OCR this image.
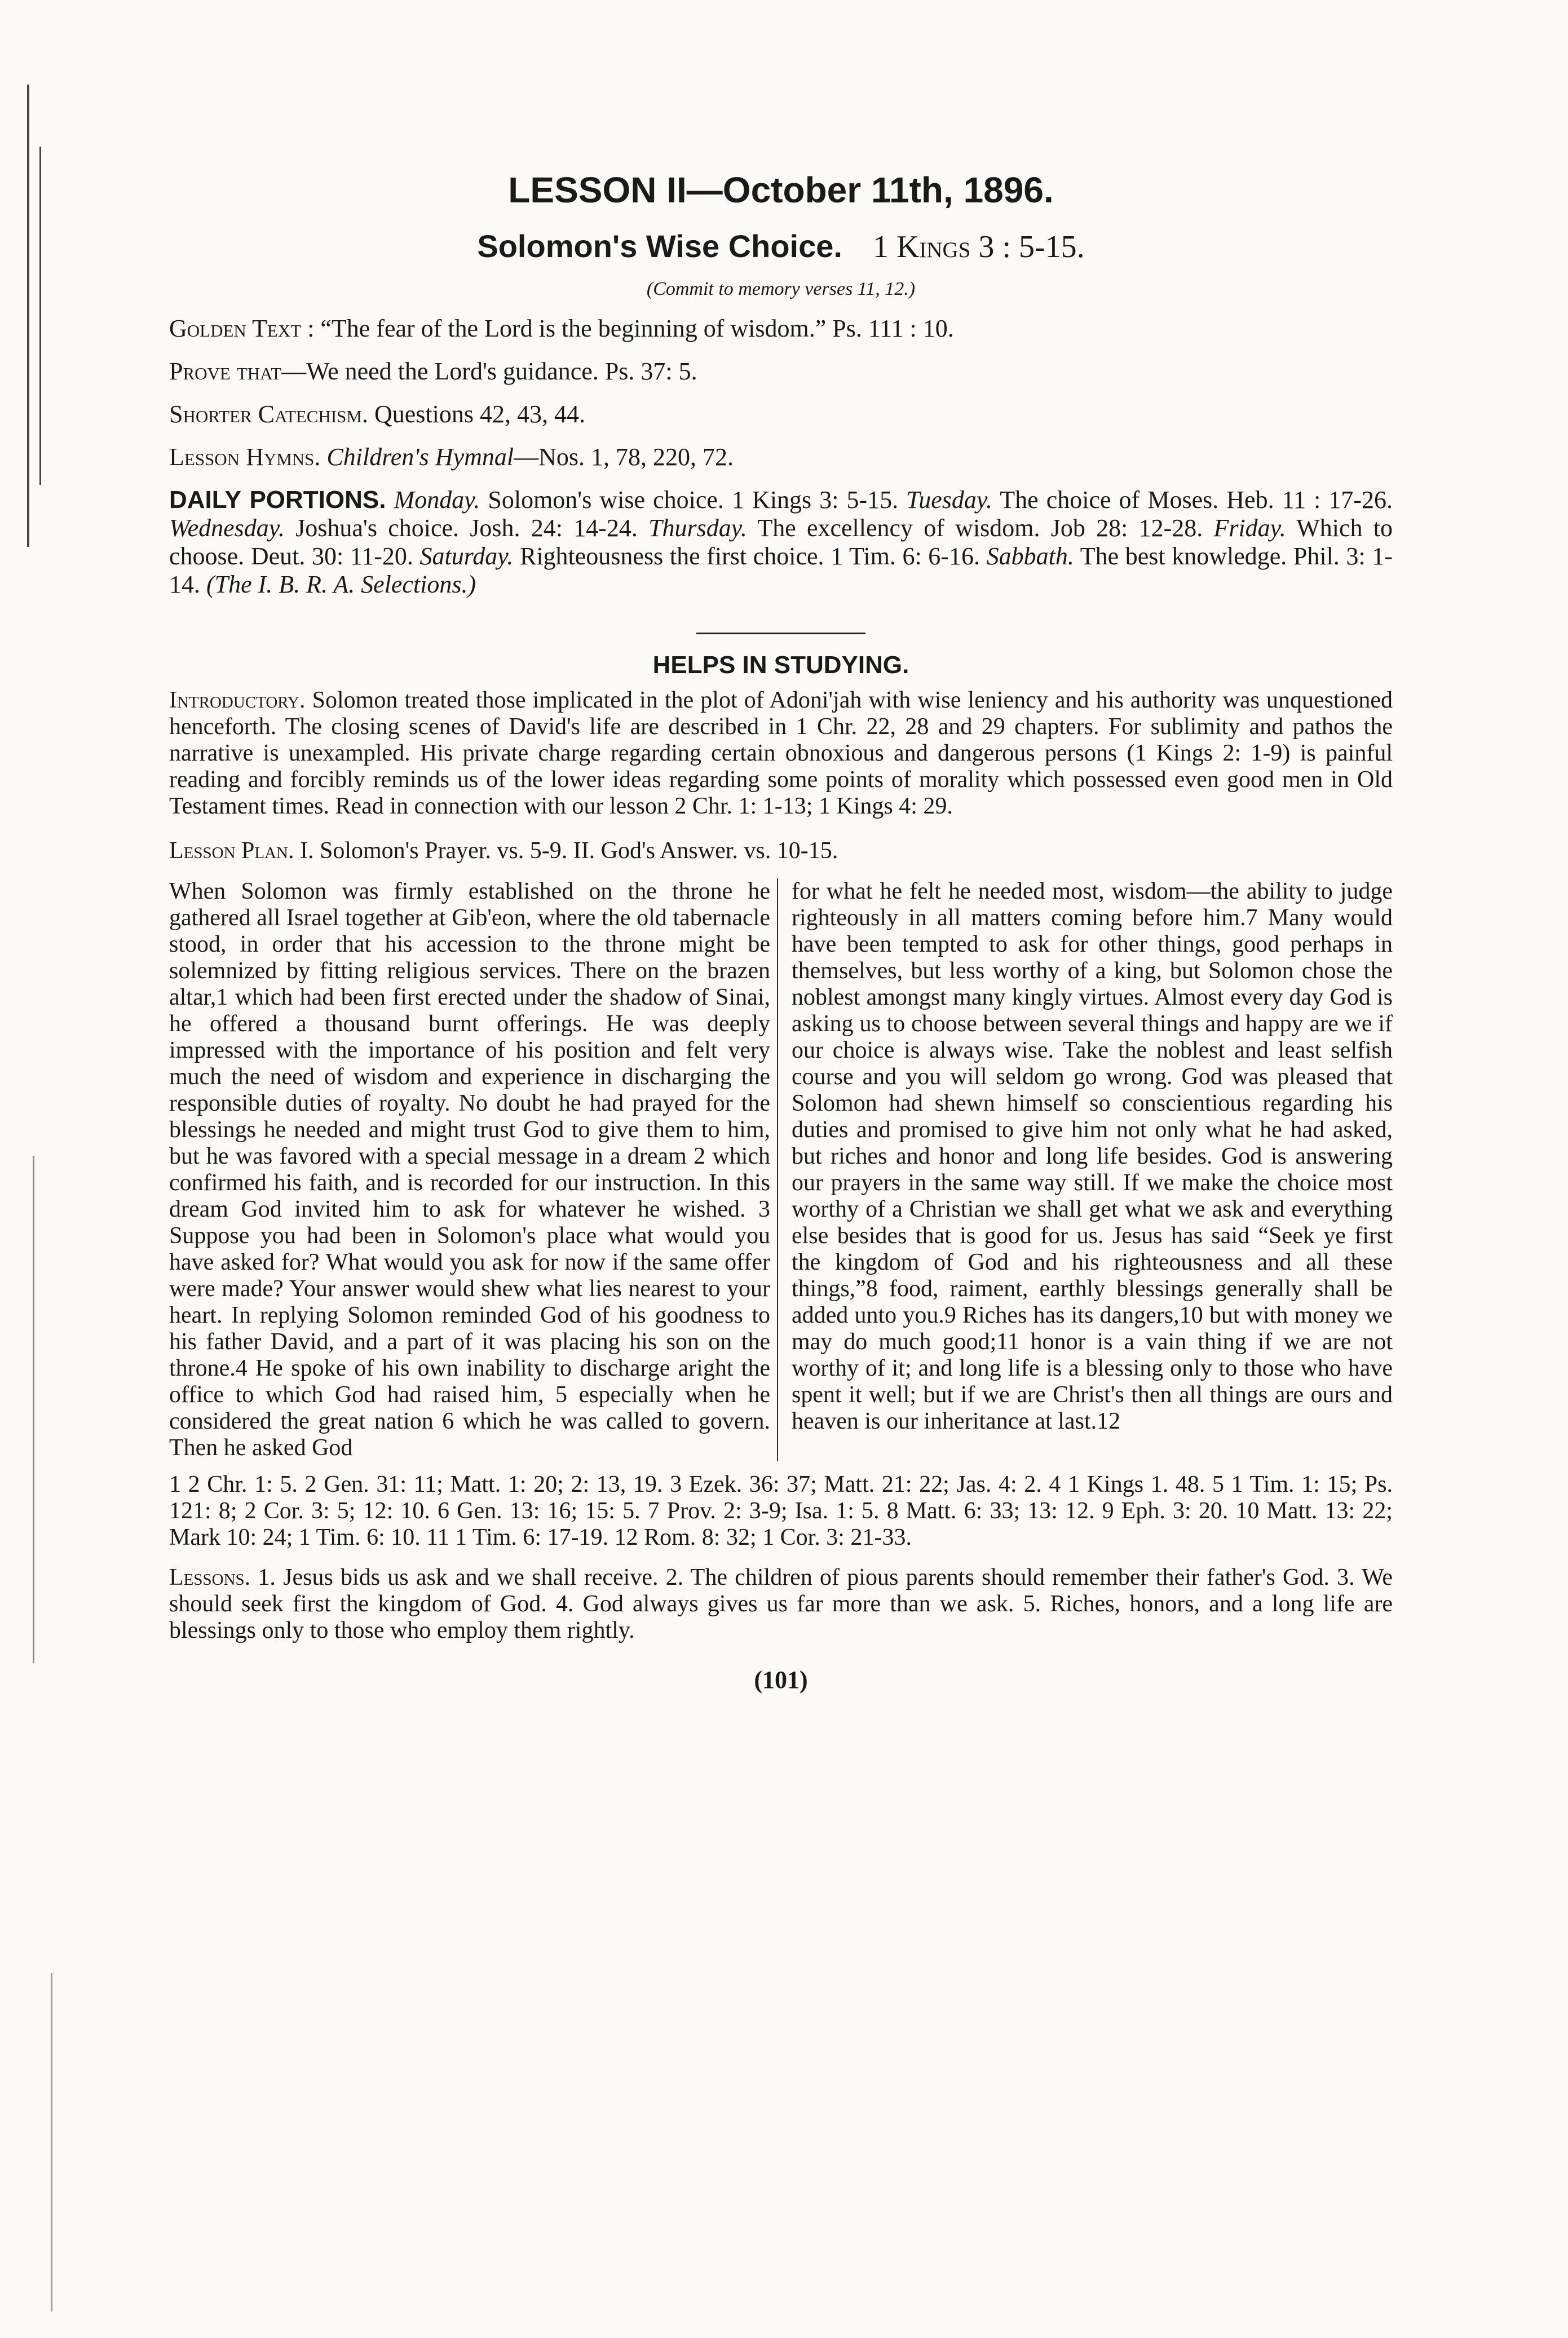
LESSON II—October 11th, 1896.

Solomon's Wise Choice. 1 Kings 3 : 5-15.

(Commit to memory verses 11, 12.)

Golden Text : “The fear of the Lord is the beginning of wisdom.” Ps. 111 : 10.

Prove that—We need the Lord's guidance. Ps. 37: 5.

Shorter Catechism. Questions 42, 43, 44.

Lesson Hymns. Children's Hymnal—Nos. 1, 78, 220, 72.

DAILY PORTIONS. Monday. Solomon's wise choice. 1 Kings 3: 5-15. Tuesday. The choice of Moses. Heb. 11 : 17-26. Wednesday. Joshua's choice. Josh. 24: 14-24. Thursday. The excellency of wisdom. Job 28: 12-28. Friday. Which to choose. Deut. 30: 11-20. Saturday. Righteousness the first choice. 1 Tim. 6: 6-16. Sabbath. The best knowledge. Phil. 3: 1-14. (The I. B. R. A. Selections.)

HELPS IN STUDYING.

Introductory. Solomon treated those implicated in the plot of Adoni'jah with wise leniency and his authority was unquestioned henceforth. The closing scenes of David's life are described in 1 Chr. 22, 28 and 29 chapters. For sublimity and pathos the narrative is unexampled. His private charge regarding certain obnoxious and dangerous persons (1 Kings 2: 1-9) is painful reading and forcibly reminds us of the lower ideas regarding some points of morality which possessed even good men in Old Testament times. Read in connection with our lesson 2 Chr. 1: 1-13; 1 Kings 4: 29.

Lesson Plan. I. Solomon's Prayer. vs. 5-9. II. God's Answer. vs. 10-15.

When Solomon was firmly established on the throne he gathered all Israel together at Gib'eon, where the old tabernacle stood, in order that his accession to the throne might be solemnized by fitting religious services. There on the brazen altar,1 which had been first erected under the shadow of Sinai, he offered a thousand burnt offerings. He was deeply impressed with the importance of his position and felt very much the need of wisdom and experience in discharging the responsible duties of royalty. No doubt he had prayed for the blessings he needed and might trust God to give them to him, but he was favored with a special message in a dream 2 which confirmed his faith, and is recorded for our instruction. In this dream God invited him to ask for whatever he wished. 3 Suppose you had been in Solomon's place what would you have asked for? What would you ask for now if the same offer were made? Your answer would shew what lies nearest to your heart. In replying Solomon reminded God of his goodness to his father David, and a part of it was placing his son on the throne.4 He spoke of his own inability to discharge aright the office to which God had raised him, 5 especially when he considered the great nation 6 which he was called to govern. Then he asked God
for what he felt he needed most, wisdom—the ability to judge righteously in all matters coming before him.7 Many would have been tempted to ask for other things, good perhaps in themselves, but less worthy of a king, but Solomon chose the noblest amongst many kingly virtues. Almost every day God is asking us to choose between several things and happy are we if our choice is always wise. Take the noblest and least selfish course and you will seldom go wrong. God was pleased that Solomon had shewn himself so conscientious regarding his duties and promised to give him not only what he had asked, but riches and honor and long life besides. God is answering our prayers in the same way still. If we make the choice most worthy of a Christian we shall get what we ask and everything else besides that is good for us. Jesus has said “Seek ye first the kingdom of God and his righteousness and all these things,”8 food, raiment, earthly blessings generally shall be added unto you.9 Riches has its dangers,10 but with money we may do much good;11 honor is a vain thing if we are not worthy of it; and long life is a blessing only to those who have spent it well; but if we are Christ's then all things are ours and heaven is our inheritance at last.12

1 2 Chr. 1: 5. 2 Gen. 31: 11; Matt. 1: 20; 2: 13, 19. 3 Ezek. 36: 37; Matt. 21: 22; Jas. 4: 2. 4 1 Kings 1. 48. 5 1 Tim. 1: 15; Ps. 121: 8; 2 Cor. 3: 5; 12: 10. 6 Gen. 13: 16; 15: 5. 7 Prov. 2: 3-9; Isa. 1: 5. 8 Matt. 6: 33; 13: 12. 9 Eph. 3: 20. 10 Matt. 13: 22; Mark 10: 24; 1 Tim. 6: 10. 11 1 Tim. 6: 17-19. 12 Rom. 8: 32; 1 Cor. 3: 21-33.

Lessons. 1. Jesus bids us ask and we shall receive. 2. The children of pious parents should remember their father's God. 3. We should seek first the kingdom of God. 4. God always gives us far more than we ask. 5. Riches, honors, and a long life are blessings only to those who employ them rightly.

(101)
